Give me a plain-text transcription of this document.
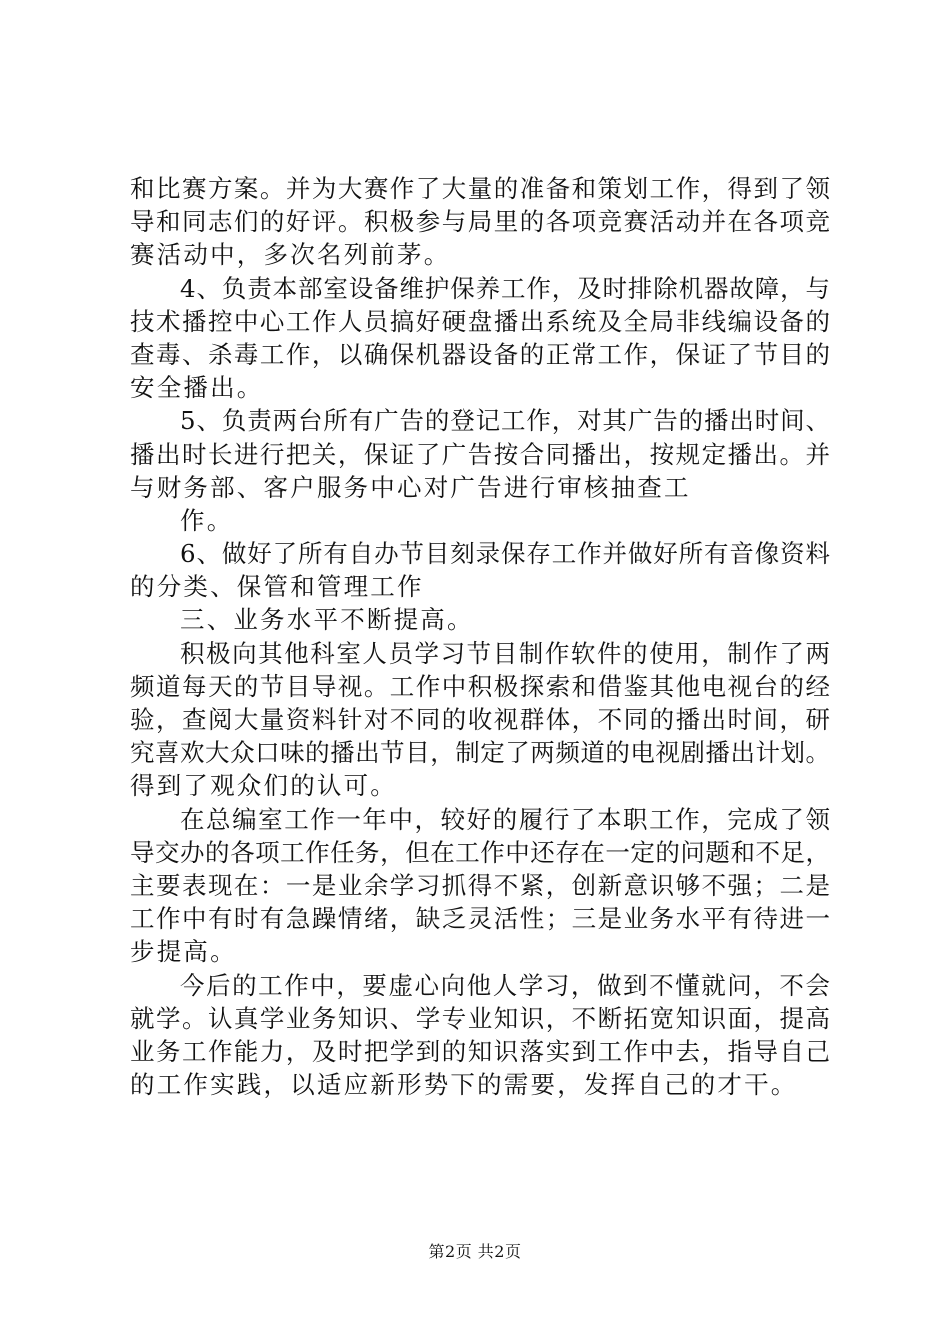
和比赛方案。并为大赛作了大量的准备和策划工作，得到了领
导和同志们的好评。积极参与局里的各项竞赛活动并在各项竞
赛活动中，多次名列前茅。
4、负责本部室设备维护保养工作，及时排除机器故障，与
技术播控中心工作人员搞好硬盘播出系统及全局非线编设备的
查毒、杀毒工作，以确保机器设备的正常工作，保证了节目的
安全播出。
5、负责两台所有广告的登记工作，对其广告的播出时间、
播出时长进行把关，保证了广告按合同播出，按规定播出。并
与财务部、客户服务中心对广告进行审核抽查工
作。
6、做好了所有自办节目刻录保存工作并做好所有音像资料
的分类、保管和管理工作
三、业务水平不断提高。
积极向其他科室人员学习节目制作软件的使用，制作了两
频道每天的节目导视。工作中积极探索和借鉴其他电视台的经
验，查阅大量资料针对不同的收视群体，不同的播出时间，研
究喜欢大众口味的播出节目，制定了两频道的电视剧播出计划。
得到了观众们的认可。
在总编室工作一年中，较好的履行了本职工作，完成了领
导交办的各项工作任务，但在工作中还存在一定的问题和不足，
主要表现在：一是业余学习抓得不紧，创新意识够不强；二是
工作中有时有急躁情绪，缺乏灵活性；三是业务水平有待进一
步提高。
今后的工作中，要虚心向他人学习，做到不懂就问，不会
就学。认真学业务知识、学专业知识，不断拓宽知识面，提高
业务工作能力，及时把学到的知识落实到工作中去，指导自己
的工作实践，以适应新形势下的需要，发挥自己的才干。
第2页 共2页
